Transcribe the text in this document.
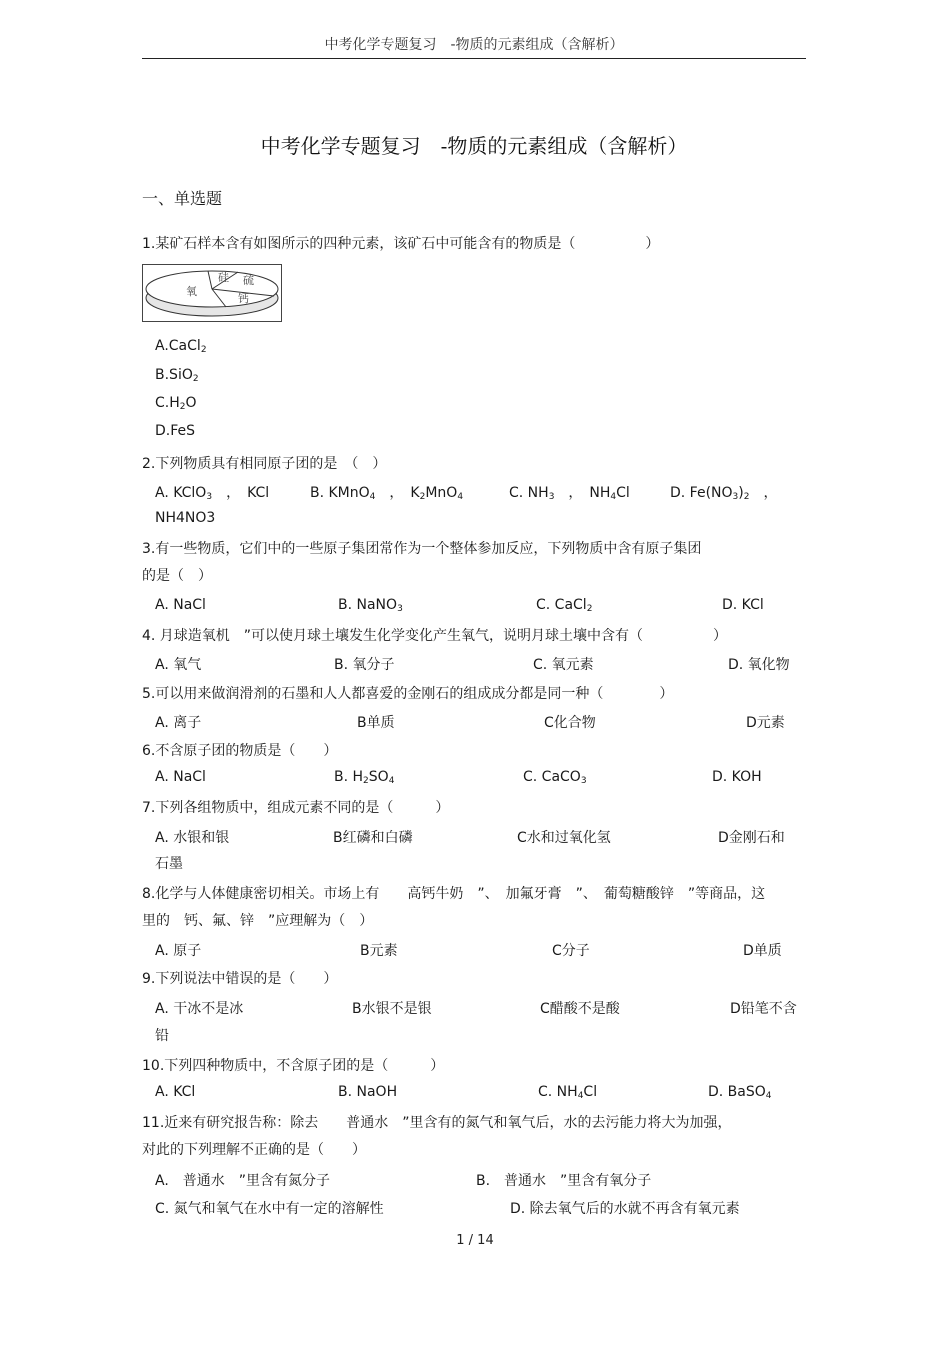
中考化学专题复习　-物质的元素组成（含解析）
中考化学专题复习　-物质的元素组成（含解析）
一、单选题
1.某矿石样本含有如图所示的四种元素，该矿石中可能含有的物质是（　　　　　）
氧
硅 硫
钙
A.CaCl$_2$
B.SiO$_2$
$C.H_2O$
D.FeS
2.下列物质具有相同原子团的是　（　）
A. KClO$_3$　 ，　KCl	B. KMnO$_4$　 ，　$K_2MnO_4$	C. $NH_3$　 ，　$NH_4Cl$	D. $Fe(NO_3)_2$　 ，
NH4NO3
3.有一些物质，它们中的一些原子集团常作为一个整体参加反应，下列物质中含有原子集团
的是（　）
A. NaCl	B. NaNO$_3$	C. CaCl$_2$	D. KCl
4. 月球造氧机　”可以使月球土壤发生化学变化产生氧气，说明月球土壤中含有（　　　　　）
A. 氧气	B. 氧分子	C. 氧元素	D. 氧化物
5.可以用来做润滑剂的石墨和人人都喜爱的金刚石的组成成分都是同一种（　　　　）
A. 离子	B单质	C化合物	D元素
6.不含原子团的物质是（　　）
A. NaCl	B. $H_2SO_4$	C. CaCO$_3$	D. KOH
7.下列各组物质中，组成元素不同的是（　　　）
A. 水银和银	B红磷和白磷	C水和过氧化氢	D金刚石和
石墨
8.化学与人体健康密切相关。市场上有　　高钙牛奶　”、　加氟牙膏　”、　葡萄糖酸锌　”等商品，这
里的　钙、氟、锌　”应理解为（　）
A. 原子	B元素	C分子	D单质
9.下列说法中错误的是（　　）
A. 干冰不是冰	B水银不是银	C醋酸不是酸	D铅笔不含
铅
10.下列四种物质中，不含原子团的是（　　　）
A. KCl	B. NaOH	C. $NH_4Cl$	D. BaSO$_4$
11.近来有研究报告称：除去　　普通水　”里含有的氮气和氧气后，水的去污能力将大为加强，
对此的下列理解不正确的是（　　）
A.　普通水　”里含有氮分子	B.　普通水　”里含有氧分子
C. 氮气和氧气在水中有一定的溶解性	D. 除去氧气后的水就不再含有氧元素
1 / 14
